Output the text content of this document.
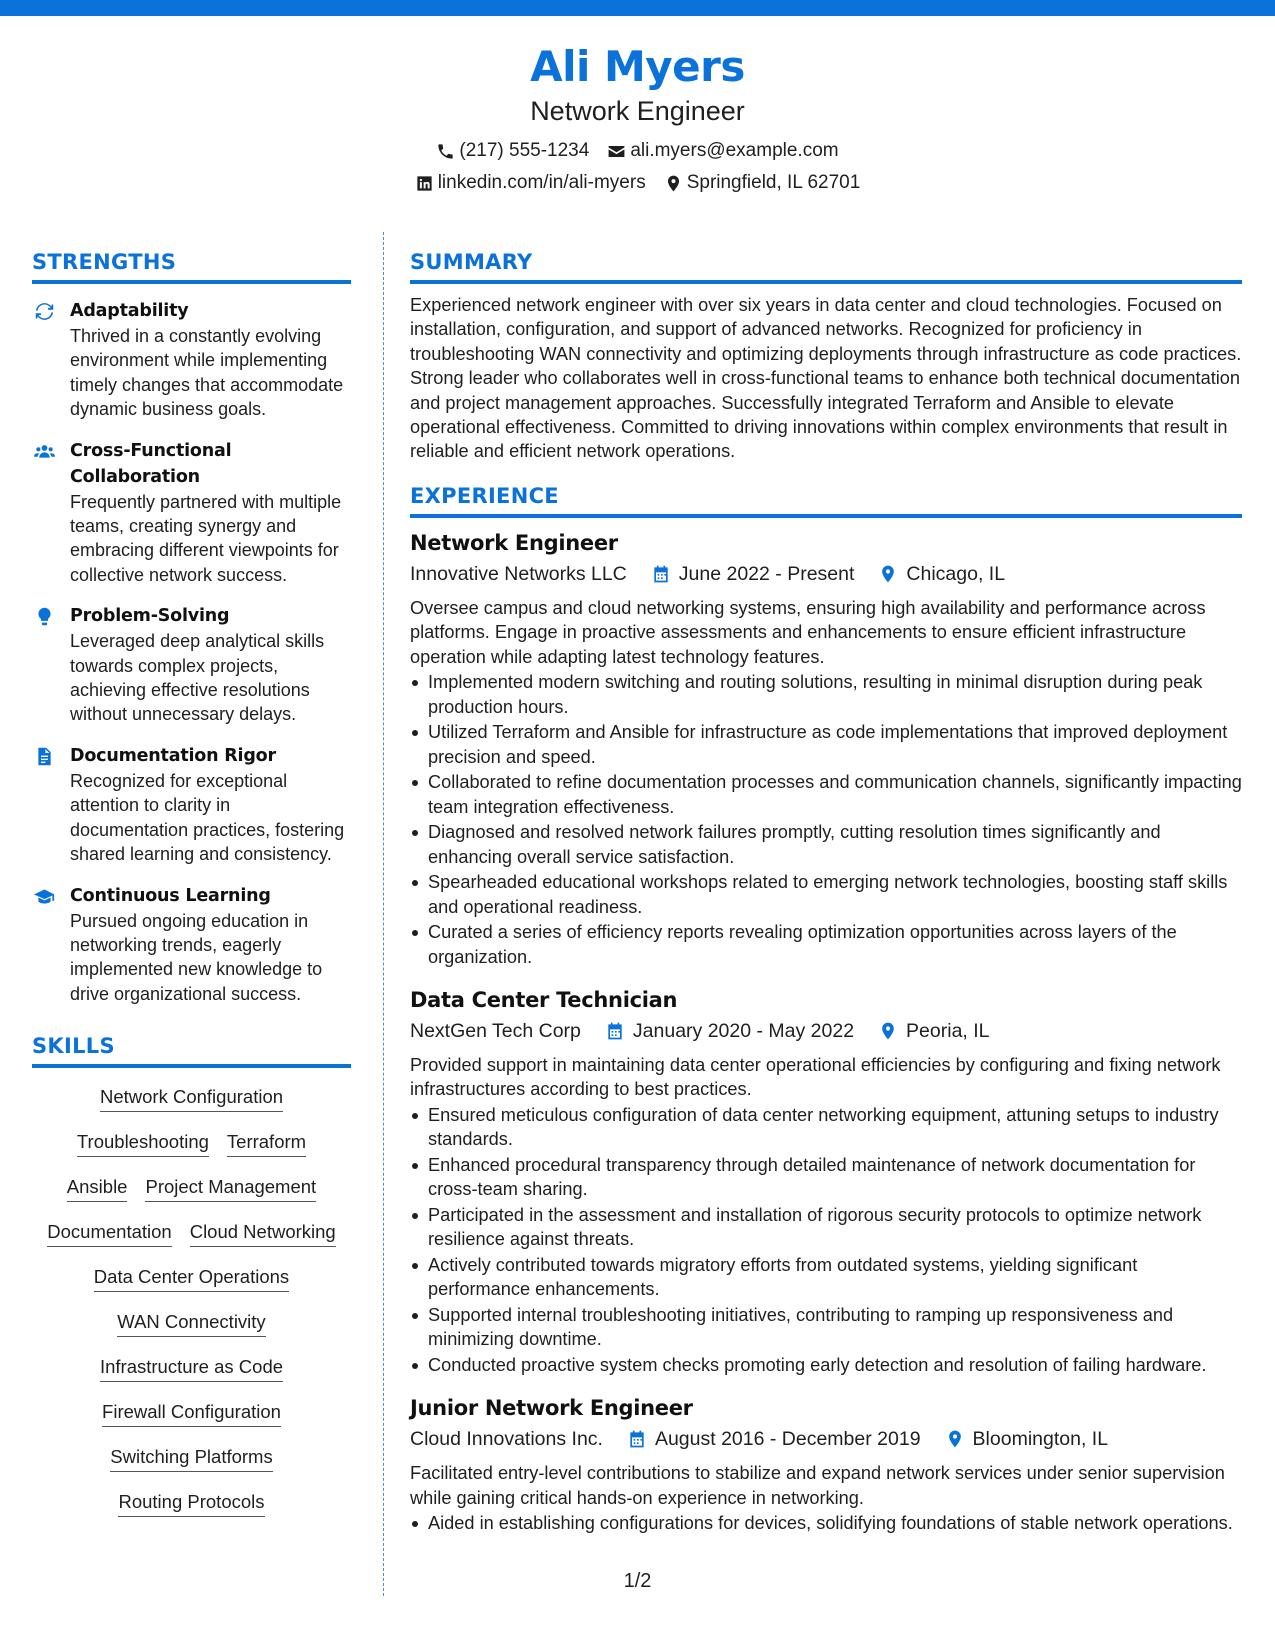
Ali Myers
Network Engineer
(217) 555-1234 ali.myers@example.com
linkedin.com/in/ali-myers Springfield, IL 62701
STRENGTHS
Adaptability
Thrived in a constantly evolving environment while implementing timely changes that accommodate dynamic business goals.
Cross-Functional Collaboration
Frequently partnered with multiple teams, creating synergy and embracing different viewpoints for collective network success.
Problem-Solving
Leveraged deep analytical skills towards complex projects, achieving effective resolutions without unnecessary delays.
Documentation Rigor
Recognized for exceptional attention to clarity in documentation practices, fostering shared learning and consistency.
Continuous Learning
Pursued ongoing education in networking trends, eagerly implemented new knowledge to drive organizational success.
SKILLS
Network Configuration
Troubleshooting Terraform
Ansible Project Management
Documentation Cloud Networking
Data Center Operations
WAN Connectivity
Infrastructure as Code
Firewall Configuration
Switching Platforms
Routing Protocols
SUMMARY
Experienced network engineer with over six years in data center and cloud technologies. Focused on installation, configuration, and support of advanced networks. Recognized for proficiency in troubleshooting WAN connectivity and optimizing deployments through infrastructure as code practices. Strong leader who collaborates well in cross-functional teams to enhance both technical documentation and project management approaches. Successfully integrated Terraform and Ansible to elevate operational effectiveness. Committed to driving innovations within complex environments that result in reliable and efficient network operations.
EXPERIENCE
Network Engineer
Innovative Networks LLC	June 2022 - Present	Chicago, IL
Oversee campus and cloud networking systems, ensuring high availability and performance across platforms. Engage in proactive assessments and enhancements to ensure efficient infrastructure operation while adapting latest technology features.
Implemented modern switching and routing solutions, resulting in minimal disruption during peak production hours.
Utilized Terraform and Ansible for infrastructure as code implementations that improved deployment precision and speed.
Collaborated to refine documentation processes and communication channels, significantly impacting team integration effectiveness.
Diagnosed and resolved network failures promptly, cutting resolution times significantly and enhancing overall service satisfaction.
Spearheaded educational workshops related to emerging network technologies, boosting staff skills and operational readiness.
Curated a series of efficiency reports revealing optimization opportunities across layers of the organization.
Data Center Technician
NextGen Tech Corp	January 2020 - May 2022	Peoria, IL
Provided support in maintaining data center operational efficiencies by configuring and fixing network infrastructures according to best practices.
Ensured meticulous configuration of data center networking equipment, attuning setups to industry standards.
Enhanced procedural transparency through detailed maintenance of network documentation for cross-team sharing.
Participated in the assessment and installation of rigorous security protocols to optimize network resilience against threats.
Actively contributed towards migratory efforts from outdated systems, yielding significant performance enhancements.
Supported internal troubleshooting initiatives, contributing to ramping up responsiveness and minimizing downtime.
Conducted proactive system checks promoting early detection and resolution of failing hardware.
Junior Network Engineer
Cloud Innovations Inc.	August 2016 - December 2019	Bloomington, IL
Facilitated entry-level contributions to stabilize and expand network services under senior supervision while gaining critical hands-on experience in networking.
Aided in establishing configurations for devices, solidifying foundations of stable network operations.
1/2
